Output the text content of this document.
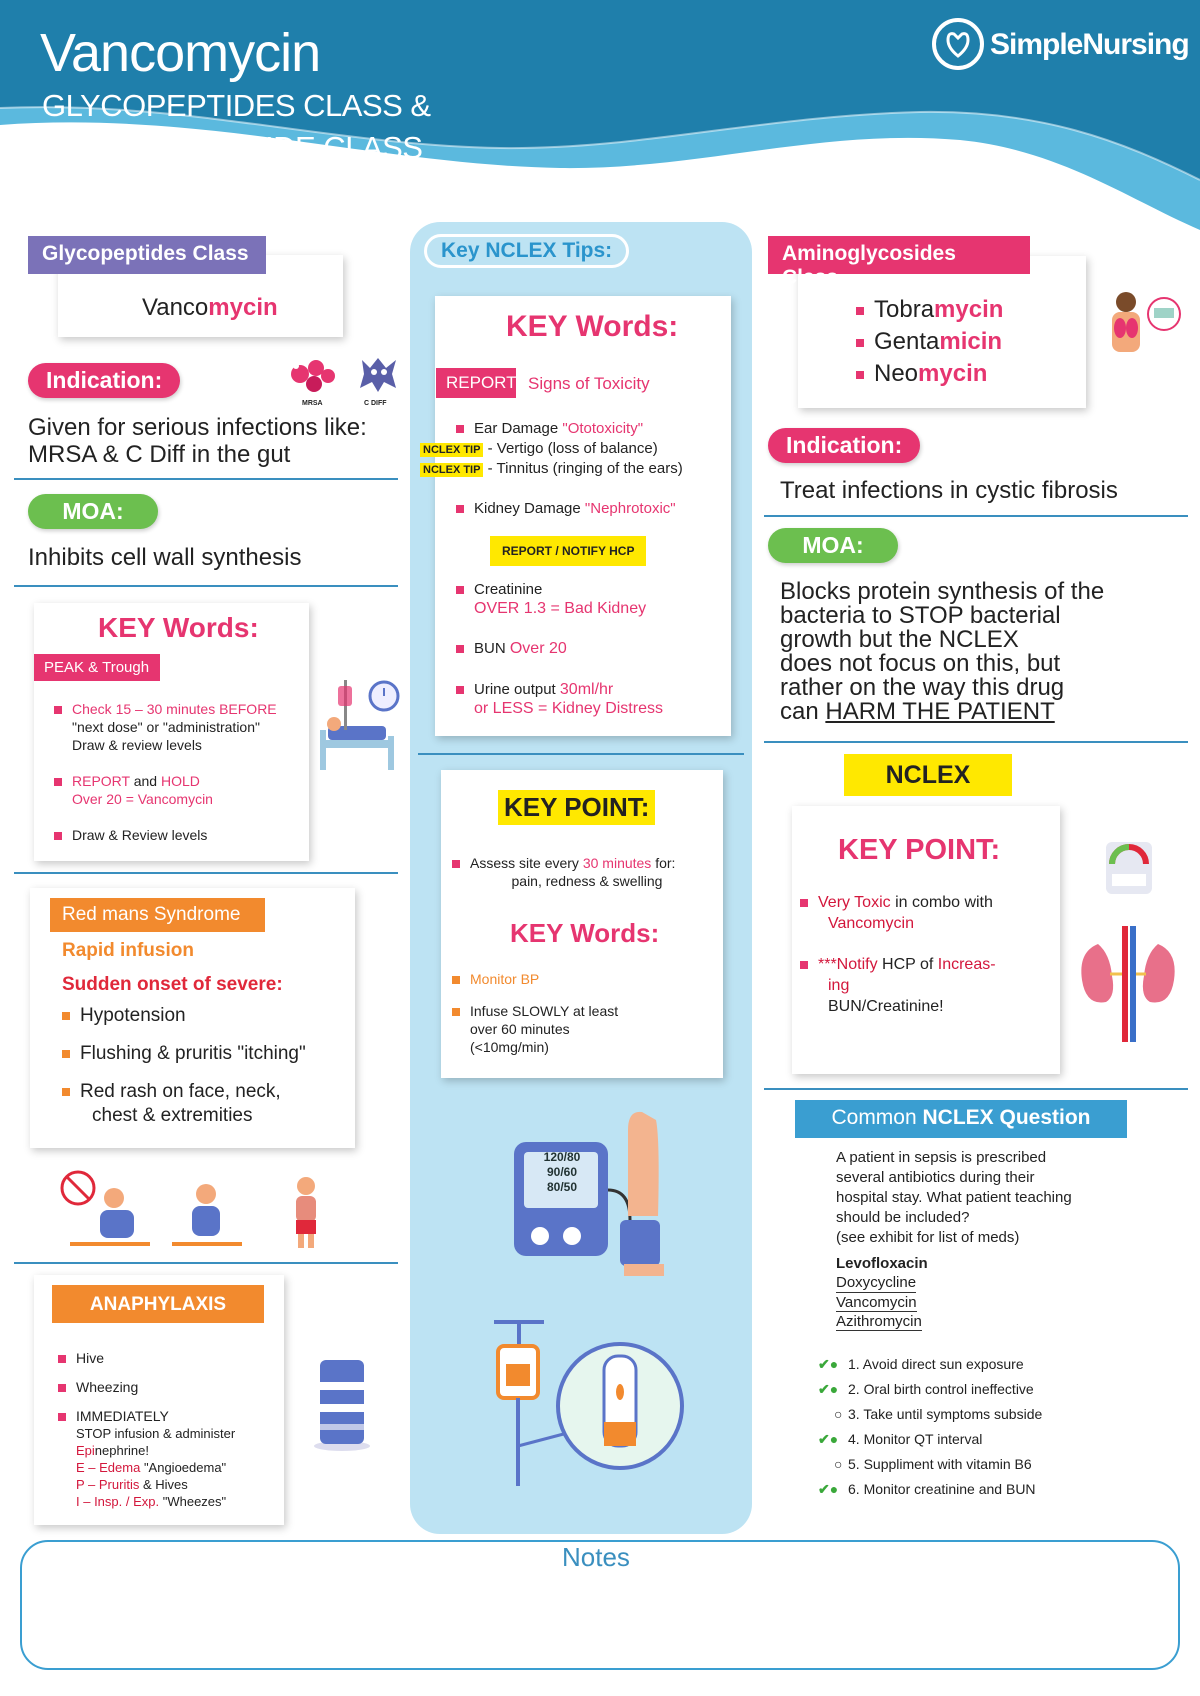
Vancomycin
GLYCOPEPTIDES CLASS &
AMINOGLYCOSIDE CLASS
SimpleNursing
Glycopeptides Class
Vancomycin
Indication:
MRSA	C DIFF
Given for serious infections like:
MRSA & C Diff in the gut
MOA:
Inhibits cell wall synthesis
KEY Words:
PEAK & Trough
Check 15 – 30 minutes BEFORE
"next dose" or "administration"
Draw & review levels
REPORT and HOLD
Over 20 = Vancomycin
Draw & Review levels
Red mans Syndrome
Rapid infusion
Sudden onset of severe:
Hypotension
Flushing & pruritis "itching"
Red rash on face, neck,
chest & extremities
ANAPHYLAXIS
Hive
Wheezing
IMMEDIATELY
STOP infusion & administer
Epinephrine!
E – Edema "Angioedema"
P – Pruritis & Hives
I – Insp. / Exp. "Wheezes"
Key NCLEX Tips:
KEY Words:
REPORT Signs of Toxicity
Ear Damage "Ototoxicity"
NCLEX TIP - Vertigo (loss of balance)
NCLEX TIP - Tinnitus (ringing of the ears)
Kidney Damage "Nephrotoxic"
REPORT / NOTIFY HCP
Creatinine
OVER 1.3 = Bad Kidney
BUN Over 20
Urine output 30ml/hr
or LESS = Kidney Distress
KEY POINT:
Assess site every 30 minutes for:
pain, redness & swelling
KEY Words:
Monitor BP
Infuse SLOWLY at least
over 60 minutes
(<10mg/min)
120/80
90/60
80/50
Aminoglycosides Class
Tobramycin
Gentamicin
Neomycin
Indication:
Treat infections in cystic fibrosis
MOA:
Blocks protein synthesis of the
bacteria to STOP bacterial
growth but the NCLEX
does not focus on this, but
rather on the way this drug
can HARM THE PATIENT
NCLEX
KEY POINT:
Very Toxic in combo with
Vancomycin
***Notify HCP of Increas-
ing
BUN/Creatinine!
Common NCLEX Question
A patient in sepsis is prescribed
several antibiotics during their
hospital stay. What patient teaching
should be included?
(see exhibit for list of meds)
Levofloxacin
Doxycycline
Vancomycin
Azithromycin
✔● 1. Avoid direct sun exposure
✔● 2. Oral birth control ineffective
○ 3. Take until symptoms subside
✔● 4. Monitor QT interval
○ 5. Suppliment with vitamin B6
✔● 6. Monitor creatinine and BUN
Notes
